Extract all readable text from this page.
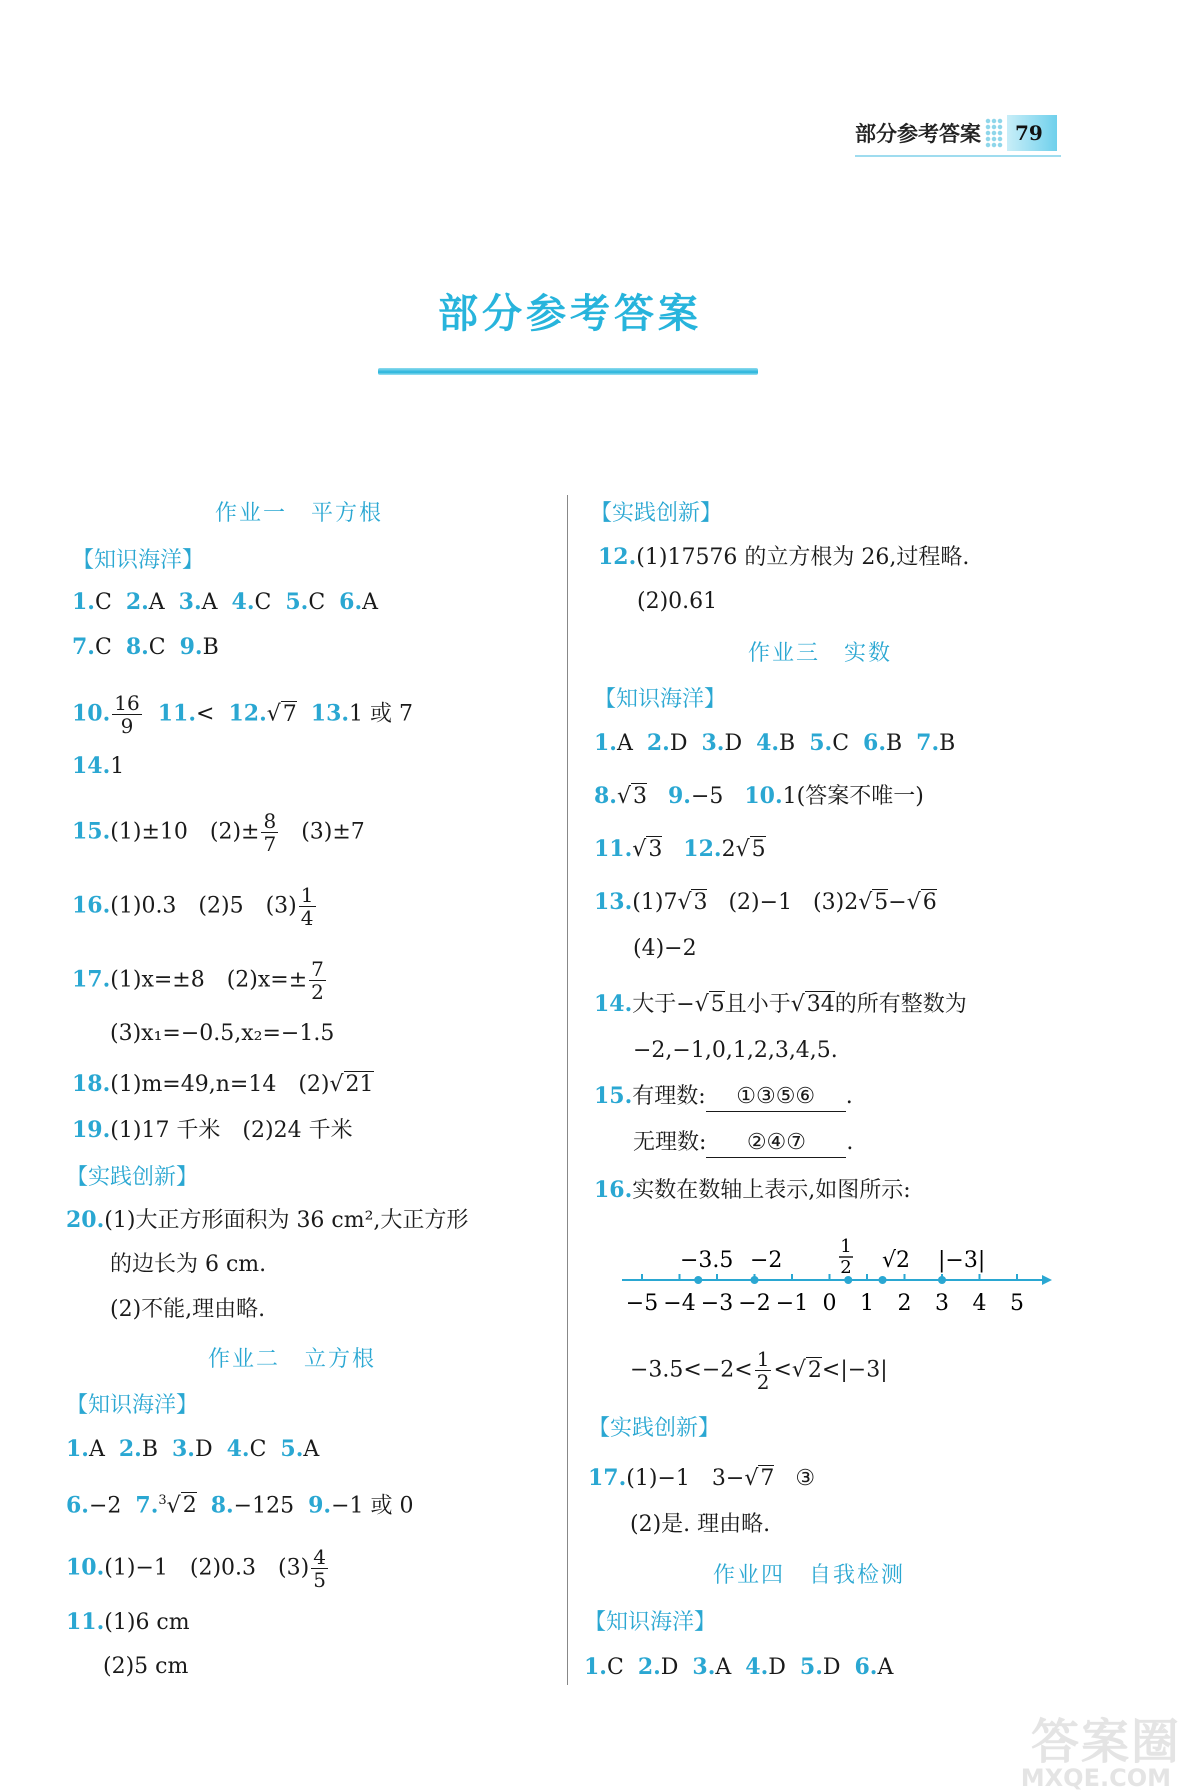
部分参考答案	79
部分参考答案
作业一　平方根
【知识海洋】
1.C 2.A 3.A 4.C 5.C 6.A
7.C 8.C 9.B
10. $\frac{16}{9} 11.< 12.√7$ 13.1 或 7
14.1
15.(1)±10　$(2)\pm \frac{8}{7} (3)\pm 7$
16.(1)0.3　(2)5　$(3) \frac{1}{4}$
17.(1)x=±8　$(2)x=\pm \frac{7}{2}$
(3)x₁=−0.5,x₂=−1.5
18.(1)m=49,n=14　(2)√21
19.(1)17 千米　(2)24 千米
【实践创新】
20.(1)大正方形面积为 36 cm²,大正方形
的边长为 6 cm.
(2)不能,理由略.
作业二　立方根
【知识海洋】
1.A 2.B 3.D 4.C 5.A
6.−2 7.$^3$√2 8.−125 9.−1 或 0
10.(1)−1　(2)0.3　$(3) \frac{4}{5}$
11.(1)6 cm
(2)5 cm
【实践创新】
12.(1)17576 的立方根为 26,过程略.
(2)0.61
作业三　实数
【知识海洋】
1.A 2.D 3.D 4.B 5.C 6.B 7.B
8.√3 9.−5 10.1(答案不唯一)
11.√3 12.2√5
13.(1)7√3 (2)−1 (3)2√5−√6
(4)−2
14.大于−√5且小于√34的所有整数为
−2,−1,0,1,2,3,4,5.
15.有理数: ①③⑤⑥ .
无理数: ②④⑦ .
16.实数在数轴上表示,如图所示:
−3.5 −2
1
2 √2 |−3|
−5 −4 −3 −2 −1 0 1 2 3 4 5
$-3.5<-2< \frac{1}{2} <√2<|-3|$
【实践创新】
17.(1)−1　3−√7 ③
(2)是. 理由略.
作业四　自我检测
【知识海洋】
1.C 2.D 3.A 4.D 5.D 6.A
答案圈
MXQE.COM
